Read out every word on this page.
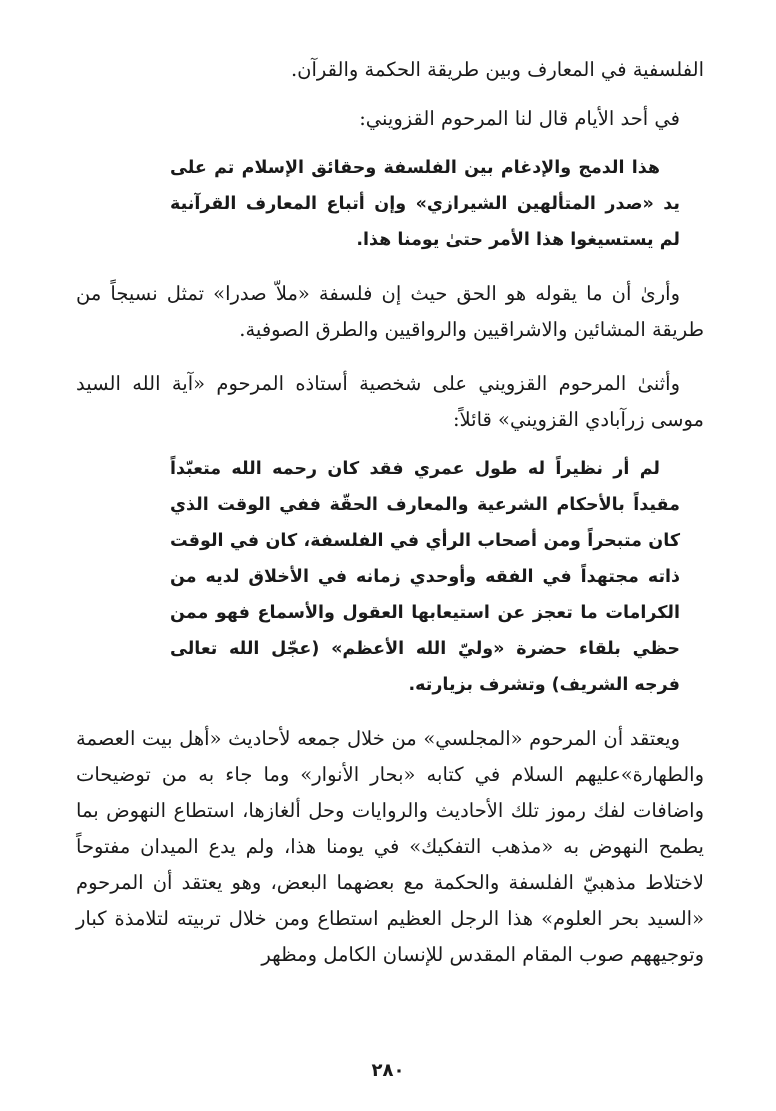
الفلسفية في المعارف وبين طريقة الحكمة والقرآن.

في أحد الأيام قال لنا المرحوم القزويني:

هذا الدمج والإدغام بين الفلسفة وحقائق الإسلام تم على يد «صدر المتألهين الشيرازي» وإن أتباع المعارف القرآنية لم يستسيغوا هذا الأمر حتىٰ يومنا هذا.

وأرىٰ أن ما يقوله هو الحق حيث إن فلسفة «ملاّ صدرا» تمثل نسيجاً من طريقة المشائين والاشراقيين والرواقيين والطرق الصوفية.

وأثنىٰ المرحوم القزويني على شخصية أستاذه المرحوم «آية الله السيد موسى زرآبادي القزويني» قائلاً:

لم أر نظيراً له طول عمري فقد كان رحمه الله متعبّداً مقيداً بالأحكام الشرعية والمعارف الحقّة ففي الوقت الذي كان متبحراً ومن أصحاب الرأي في الفلسفة، كان في الوقت ذاته مجتهداً في الفقه وأوحدي زمانه في الأخلاق لديه من الكرامات ما تعجز عن استيعابها العقول والأسماع فهو ممن حظي بلقاء حضرة «وليّ الله الأعظم» (عجّل الله تعالى فرجه الشريف) وتشرف بزيارته.

ويعتقد أن المرحوم «المجلسي» من خلال جمعه لأحاديث «أهل بيت العصمة والطهارة»عليهم السلام في كتابه «بحار الأنوار» وما جاء به من توضيحات واضافات لفك رموز تلك الأحاديث والروايات وحل ألغازها، استطاع النهوض بما يطمح النهوض به «مذهب التفكيك» في يومنا هذا، ولم يدع الميدان مفتوحاً لاختلاط مذهبيّ الفلسفة والحكمة مع بعضهما البعض، وهو يعتقد أن المرحوم «السيد بحر العلوم» هذا الرجل العظيم استطاع ومن خلال تربيته لتلامذة كبار وتوجيههم صوب المقام المقدس للإنسان الكامل ومظهر

٢٨٠
